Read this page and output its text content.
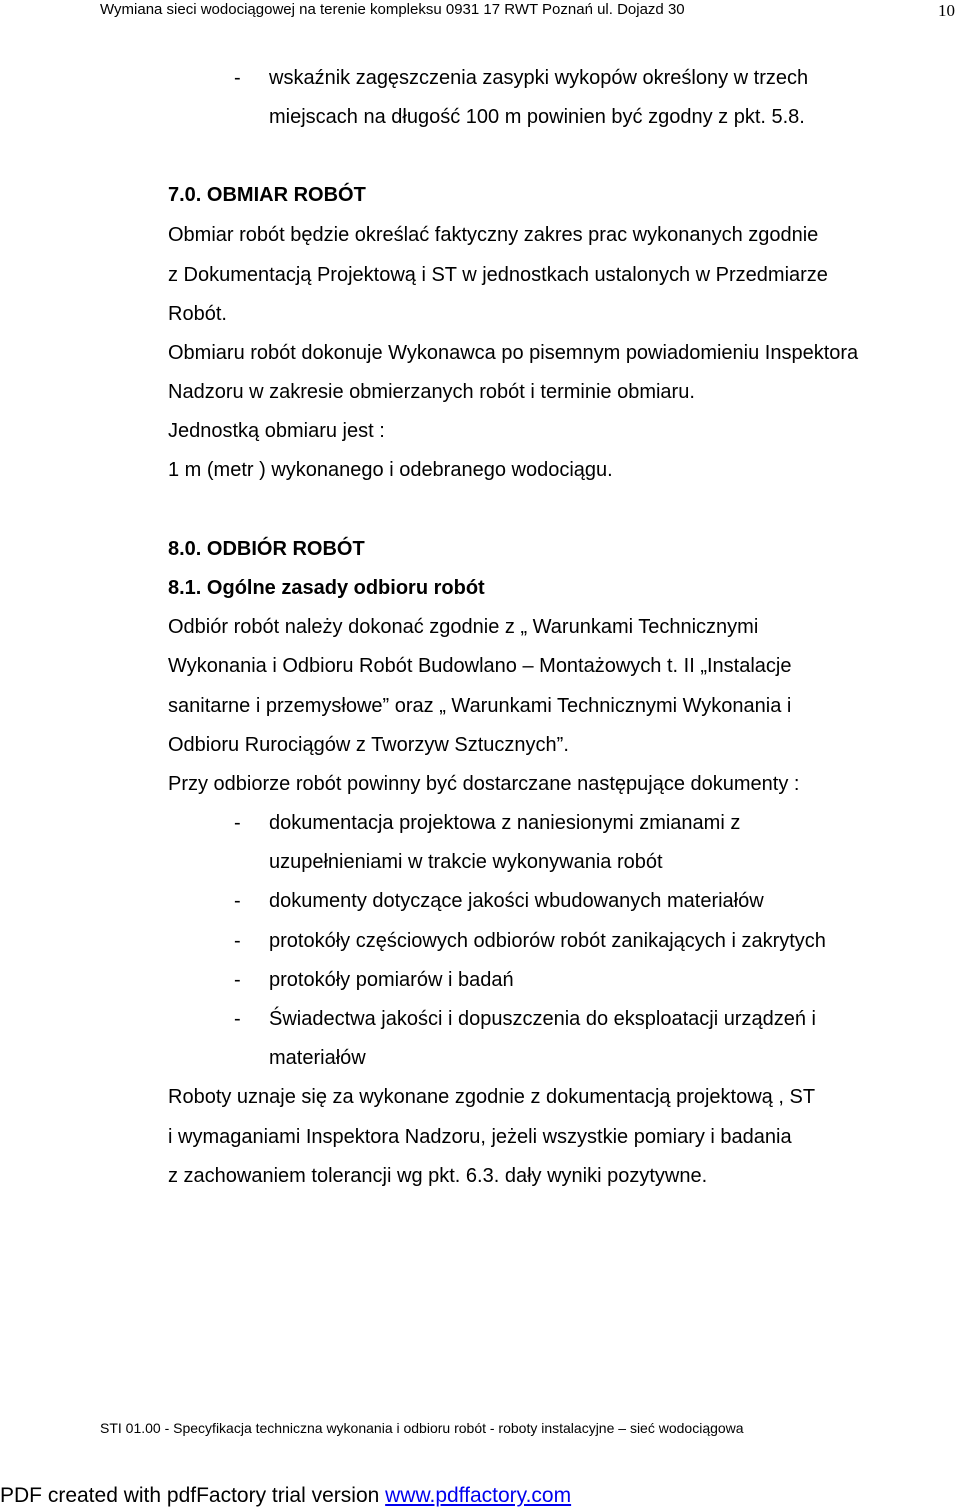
Wymiana sieci wodociągowej na terenie kompleksu 0931 17 RWT Poznań ul. Dojazd 30	10
- wskaźnik zagęszczenia zasypki wykopów określony w trzech
miejscach na długość 100 m powinien być zgodny z pkt. 5.8.
7.0. OBMIAR ROBÓT
Obmiar robót będzie określać faktyczny zakres prac wykonanych zgodnie
z Dokumentacją Projektową i ST w jednostkach ustalonych w Przedmiarze
Robót.
Obmiaru robót dokonuje Wykonawca po pisemnym powiadomieniu Inspektora
Nadzoru w zakresie obmierzanych robót i terminie obmiaru.
Jednostką obmiaru jest :
1 m (metr ) wykonanego i odebranego wodociągu.
8.0. ODBIÓR ROBÓT
8.1. Ogólne zasady odbioru robót
Odbiór robót należy dokonać zgodnie z „ Warunkami Technicznymi
Wykonania i Odbioru Robót Budowlano – Montażowych t. II „Instalacje
sanitarne i przemysłowe” oraz „ Warunkami Technicznymi Wykonania i
Odbioru Rurociągów z Tworzyw Sztucznych”.
Przy odbiorze robót powinny być dostarczane następujące dokumenty :
- dokumentacja projektowa z naniesionymi zmianami z
uzupełnieniami w trakcie wykonywania robót
- dokumenty dotyczące jakości wbudowanych materiałów
- protokóły częściowych odbiorów robót zanikających i zakrytych
- protokóły pomiarów i badań
- Świadectwa jakości i dopuszczenia do eksploatacji urządzeń i
materiałów
Roboty uznaje się za wykonane zgodnie z dokumentacją projektową , ST
i wymaganiami Inspektora Nadzoru, jeżeli wszystkie pomiary i badania
z zachowaniem tolerancji wg pkt. 6.3. dały wyniki pozytywne.
STI 01.00 - Specyfikacja techniczna wykonania i odbioru robót - roboty instalacyjne – sieć wodociągowa
PDF created with pdfFactory trial version www.pdffactory.com
